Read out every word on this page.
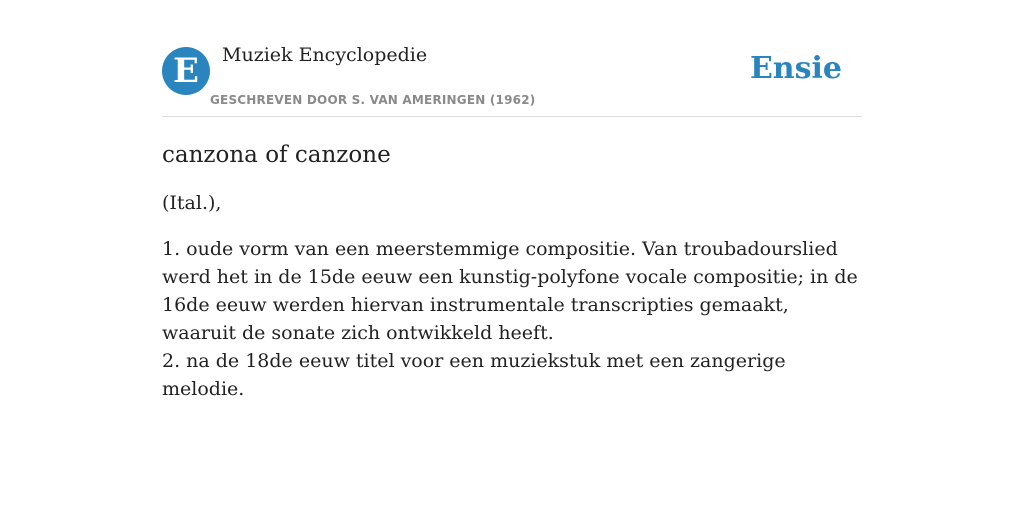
E	Muziek Encyclopedie
GESCHREVEN DOOR S. VAN AMERINGEN (1962)
Ensie
canzona of canzone

(Ital.),

1. oude vorm van een meerstemmige compositie. Van troubadourslied werd het in de 15de eeuw een kunstig-polyfone vocale compositie; in de 16de eeuw werden hiervan instrumentale transcripties gemaakt, waaruit de sonate zich ontwikkeld heeft.
2. na de 18de eeuw titel voor een muziekstuk met een zangerige melodie.
